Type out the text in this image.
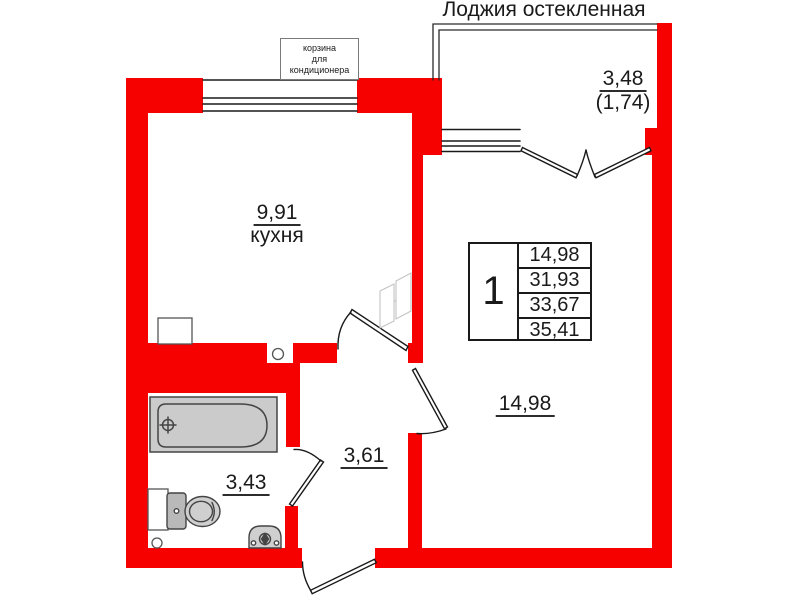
Лоджия остекленная
корзина
для кондиционера	3,48
(1,74)
9,91
кухня
14,98
3,61
3,43
1
14,98
31,93
33,67
35,41
